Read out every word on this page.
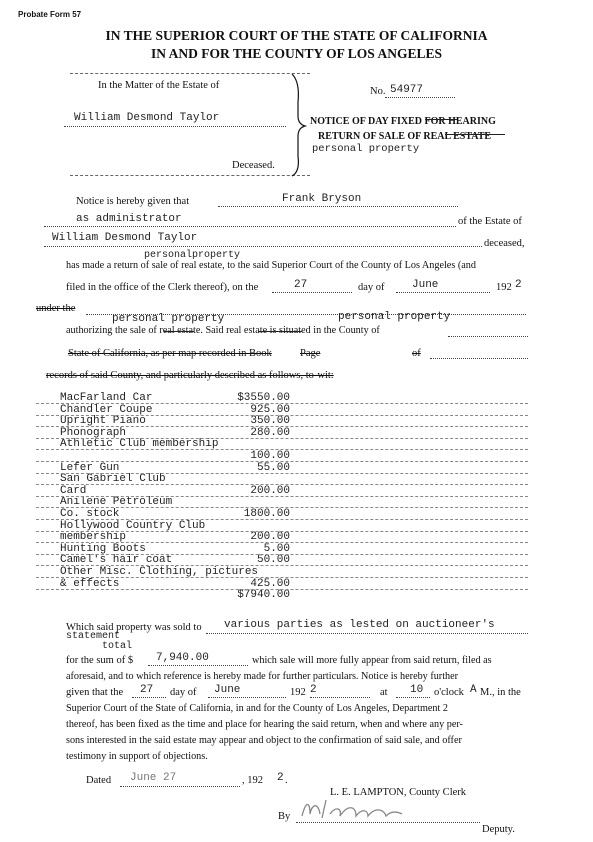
Probate Form 57
IN THE SUPERIOR COURT OF THE STATE OF CALIFORNIA
IN AND FOR THE COUNTY OF LOS ANGELES
In the Matter of the Estate of
William Desmond Taylor
Deceased.
No. 54977
NOTICE OF DAY FIXED FOR HEARING
RETURN OF SALE OF REAL ESTATE
personal property
Notice is hereby given that	Frank Bryson
as administrator	of the Estate of
William Desmond Taylor	deceased,
personalproperty
has made a return of sale of real estate, to the said Superior Court of the County of Los Angeles (and
filed in the office of the Clerk thereof), on the	27	day of June	192 2
under the
personal property	personal property
authorizing the sale of real estate. Said real estate is situated in the County of
State of California, as per map recorded in Book	Page	of
records of said County, and particularly described as follows, to-wit:
MacFarland Car	$3550.00
Chandler Coupe	925.00
Upright Piano	350.00
Phonograph	280.00
Athletic Club membership
100.00
Lefer Gun	55.00
San Gabriel Club
Card	200.00
Anilene Petroleum
Co. stock	1800.00
Hollywood Country Club
membership	200.00
Hunting Boots	5.00
Camel's hair coat	50.00
Other Misc. Clothing, pictures
& effects	425.00
$7940.00
Which said property was sold to various parties as lested on auctioneer's
statement
total
for the sum of $ 7,940.00	which sale will more fully appear from said return, filed as
aforesaid, and to which reference is hereby made for further particulars. Notice is hereby further
given that the 27 day of June	192 2	at 10 o'clock A M., in the
Superior Court of the State of California, in and for the County of Los Angeles, Department 2
thereof, has been fixed as the time and place for hearing the said return, when and where any per-
sons interested in the said estate may appear and object to the confirmation of said sale, and offer
testimony in support of objections.
Dated June 27	, 192 2 .
L. E. LAMPTON, County Clerk
By
Deputy.
